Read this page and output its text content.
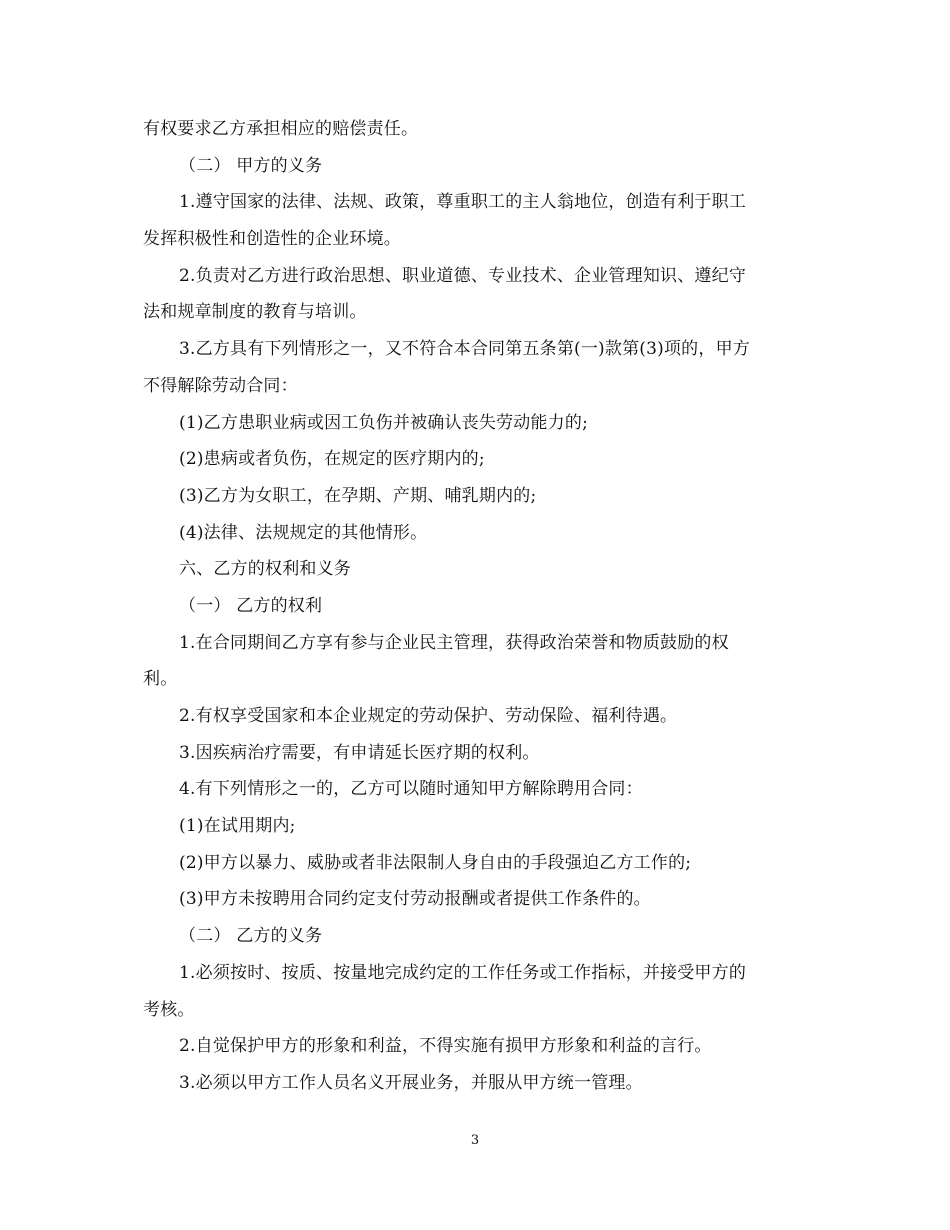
有权要求乙方承担相应的赔偿责任。
（二） 甲方的义务
1.遵守国家的法律、法规、政策，尊重职工的主人翁地位，创造有利于职工
发挥积极性和创造性的企业环境。
2.负责对乙方进行政治思想、职业道德、专业技术、企业管理知识、遵纪守
法和规章制度的教育与培训。
3.乙方具有下列情形之一，又不符合本合同第五条第(一)款第(3)项的，甲方
不得解除劳动合同：
(1)乙方患职业病或因工负伤并被确认丧失劳动能力的;
(2)患病或者负伤，在规定的医疗期内的;
(3)乙方为女职工，在孕期、产期、哺乳期内的;
(4)法律、法规规定的其他情形。
六、乙方的权利和义务
（一） 乙方的权利
1.在合同期间乙方享有参与企业民主管理，获得政治荣誉和物质鼓励的权
利。
2.有权享受国家和本企业规定的劳动保护、劳动保险、福利待遇。
3.因疾病治疗需要，有申请延长医疗期的权利。
4.有下列情形之一的，乙方可以随时通知甲方解除聘用合同：
(1)在试用期内;
(2)甲方以暴力、威胁或者非法限制人身自由的手段强迫乙方工作的;
(3)甲方未按聘用合同约定支付劳动报酬或者提供工作条件的。
（二） 乙方的义务
1.必须按时、按质、按量地完成约定的工作任务或工作指标，并接受甲方的
考核。
2.自觉保护甲方的形象和利益，不得实施有损甲方形象和利益的言行。
3.必须以甲方工作人员名义开展业务，并服从甲方统一管理。
3
